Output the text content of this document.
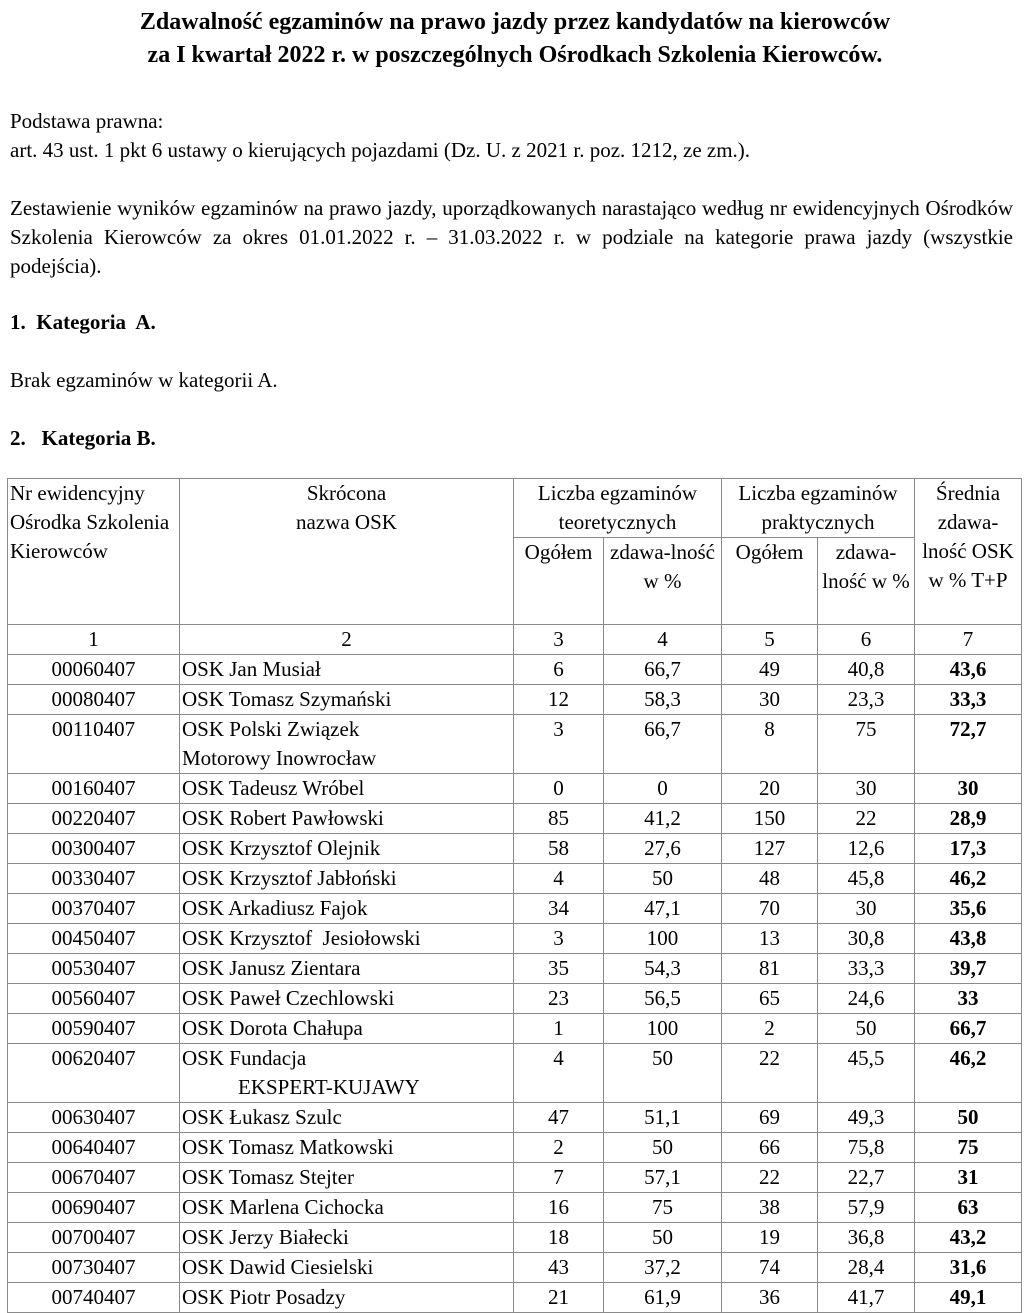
Zdawalność egzaminów na prawo jazdy przez kandydatów na kierowców
za I kwartał 2022 r. w poszczególnych Ośrodkach Szkolenia Kierowców.
Podstawa prawna:
art. 43 ust. 1 pkt 6 ustawy o kierujących pojazdami (Dz. U. z 2021 r. poz. 1212, ze zm.).
Zestawienie wyników egzaminów na prawo jazdy, uporządkowanych narastająco według nr ewidencyjnych Ośrodków Szkolenia Kierowców za okres 01.01.2022 r. – 31.03.2022 r. w podziale na kategorie prawa jazdy (wszystkie podejścia).
1.  Kategoria  A.
Brak egzaminów w kategorii A.
2.   Kategoria B.
Nr ewidencyjny Ośrodka Szkolenia Kierowców	Skrócona
nazwa OSK	Liczba egzaminów teoretycznych		Liczba egzaminów praktycznych		Średnia zdawa-lność OSK w % T+P
		Ogółem	zdawa-lność w %	Ogółem	zdawa-lność w %	
1	2	3	4	5	6	7
00060407	OSK Jan Musiał	6	66,7	49	40,8	43,6
00080407	OSK Tomasz Szymański	12	58,3	30	23,3	33,3
00110407	OSK Polski Związek
Motorowy Inowrocław	3	66,7	8	75	72,7
00160407	OSK Tadeusz Wróbel	0	0	20	30	30
00220407	OSK Robert Pawłowski	85	41,2	150	22	28,9
00300407	OSK Krzysztof Olejnik	58	27,6	127	12,6	17,3
00330407	OSK Krzysztof Jabłoński	4	50	48	45,8	46,2
00370407	OSK Arkadiusz Fajok	34	47,1	70	30	35,6
00450407	OSK Krzysztof  Jesiołowski	3	100	13	30,8	43,8
00530407	OSK Janusz Zientara	35	54,3	81	33,3	39,7
00560407	OSK Paweł Czechlowski	23	56,5	65	24,6	33
00590407	OSK Dorota Chałupa	1	100	2	50	66,7
00620407	OSK Fundacja
EKSPERT-KUJAWY	4	50	22	45,5	46,2
00630407	OSK Łukasz Szulc	47	51,1	69	49,3	50
00640407	OSK Tomasz Matkowski	2	50	66	75,8	75
00670407	OSK Tomasz Stejter	7	57,1	22	22,7	31
00690407	OSK Marlena Cichocka	16	75	38	57,9	63
00700407	OSK Jerzy Białecki	18	50	19	36,8	43,2
00730407	OSK Dawid Ciesielski	43	37,2	74	28,4	31,6
00740407	OSK Piotr Posadzy	21	61,9	36	41,7	49,1
